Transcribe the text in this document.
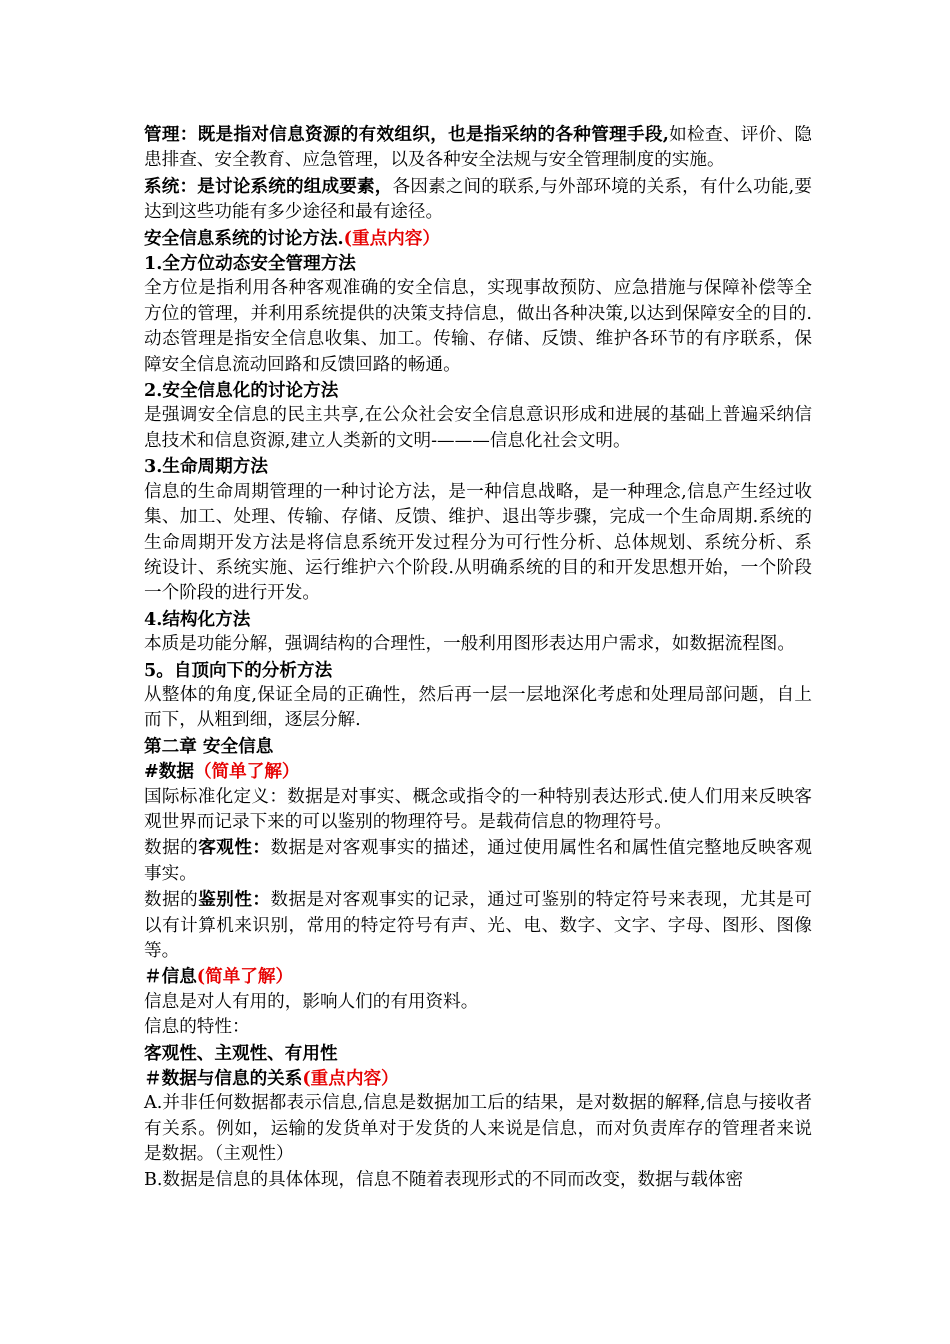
管理：既是指对信息资源的有效组织，也是指采纳的各种管理手段,如检查、评价、隐患排查、安全教育、应急管理，以及各种安全法规与安全管理制度的实施。

系统：是讨论系统的组成要素，各因素之间的联系,与外部环境的关系，有什么功能,要达到这些功能有多少途径和最有途径。

安全信息系统的讨论方法.(重点内容）

1.全方位动态安全管理方法

全方位是指利用各种客观准确的安全信息，实现事故预防、应急措施与保障补偿等全方位的管理，并利用系统提供的决策支持信息，做出各种决策,以达到保障安全的目的.动态管理是指安全信息收集、加工。传输、存储、反馈、维护各环节的有序联系，保障安全信息流动回路和反馈回路的畅通。

2.安全信息化的讨论方法

是强调安全信息的民主共享,在公众社会安全信息意识形成和进展的基础上普遍采纳信息技术和信息资源,建立人类新的文明-———信息化社会文明。

3.生命周期方法

信息的生命周期管理的一种讨论方法，是一种信息战略，是一种理念,信息产生经过收集、加工、处理、传输、存储、反馈、维护、退出等步骤，完成一个生命周期.系统的生命周期开发方法是将信息系统开发过程分为可行性分析、总体规划、系统分析、系统设计、系统实施、运行维护六个阶段.从明确系统的目的和开发思想开始，一个阶段一个阶段的进行开发。

4.结构化方法

本质是功能分解，强调结构的合理性，一般利用图形表达用户需求，如数据流程图。

5。自顶向下的分析方法

从整体的角度,保证全局的正确性，然后再一层一层地深化考虑和处理局部问题，自上而下，从粗到细，逐层分解.

第二章 安全信息

#数据（简单了解）

国际标准化定义：数据是对事实、概念或指令的一种特别表达形式.使人们用来反映客观世界而记录下来的可以鉴别的物理符号。是载荷信息的物理符号。

数据的客观性：数据是对客观事实的描述，通过使用属性名和属性值完整地反映客观事实。

数据的鉴别性：数据是对客观事实的记录，通过可鉴别的特定符号来表现，尤其是可以有计算机来识别，常用的特定符号有声、光、电、数字、文字、字母、图形、图像等。

＃信息(简单了解）

信息是对人有用的，影响人们的有用资料。

信息的特性：

客观性、主观性、有用性

＃数据与信息的关系(重点内容）

A.并非任何数据都表示信息,信息是数据加工后的结果，是对数据的解释,信息与接收者有关系。例如，运输的发货单对于发货的人来说是信息，而对负责库存的管理者来说是数据。（主观性）

B.数据是信息的具体体现，信息不随着表现形式的不同而改变，数据与载体密
